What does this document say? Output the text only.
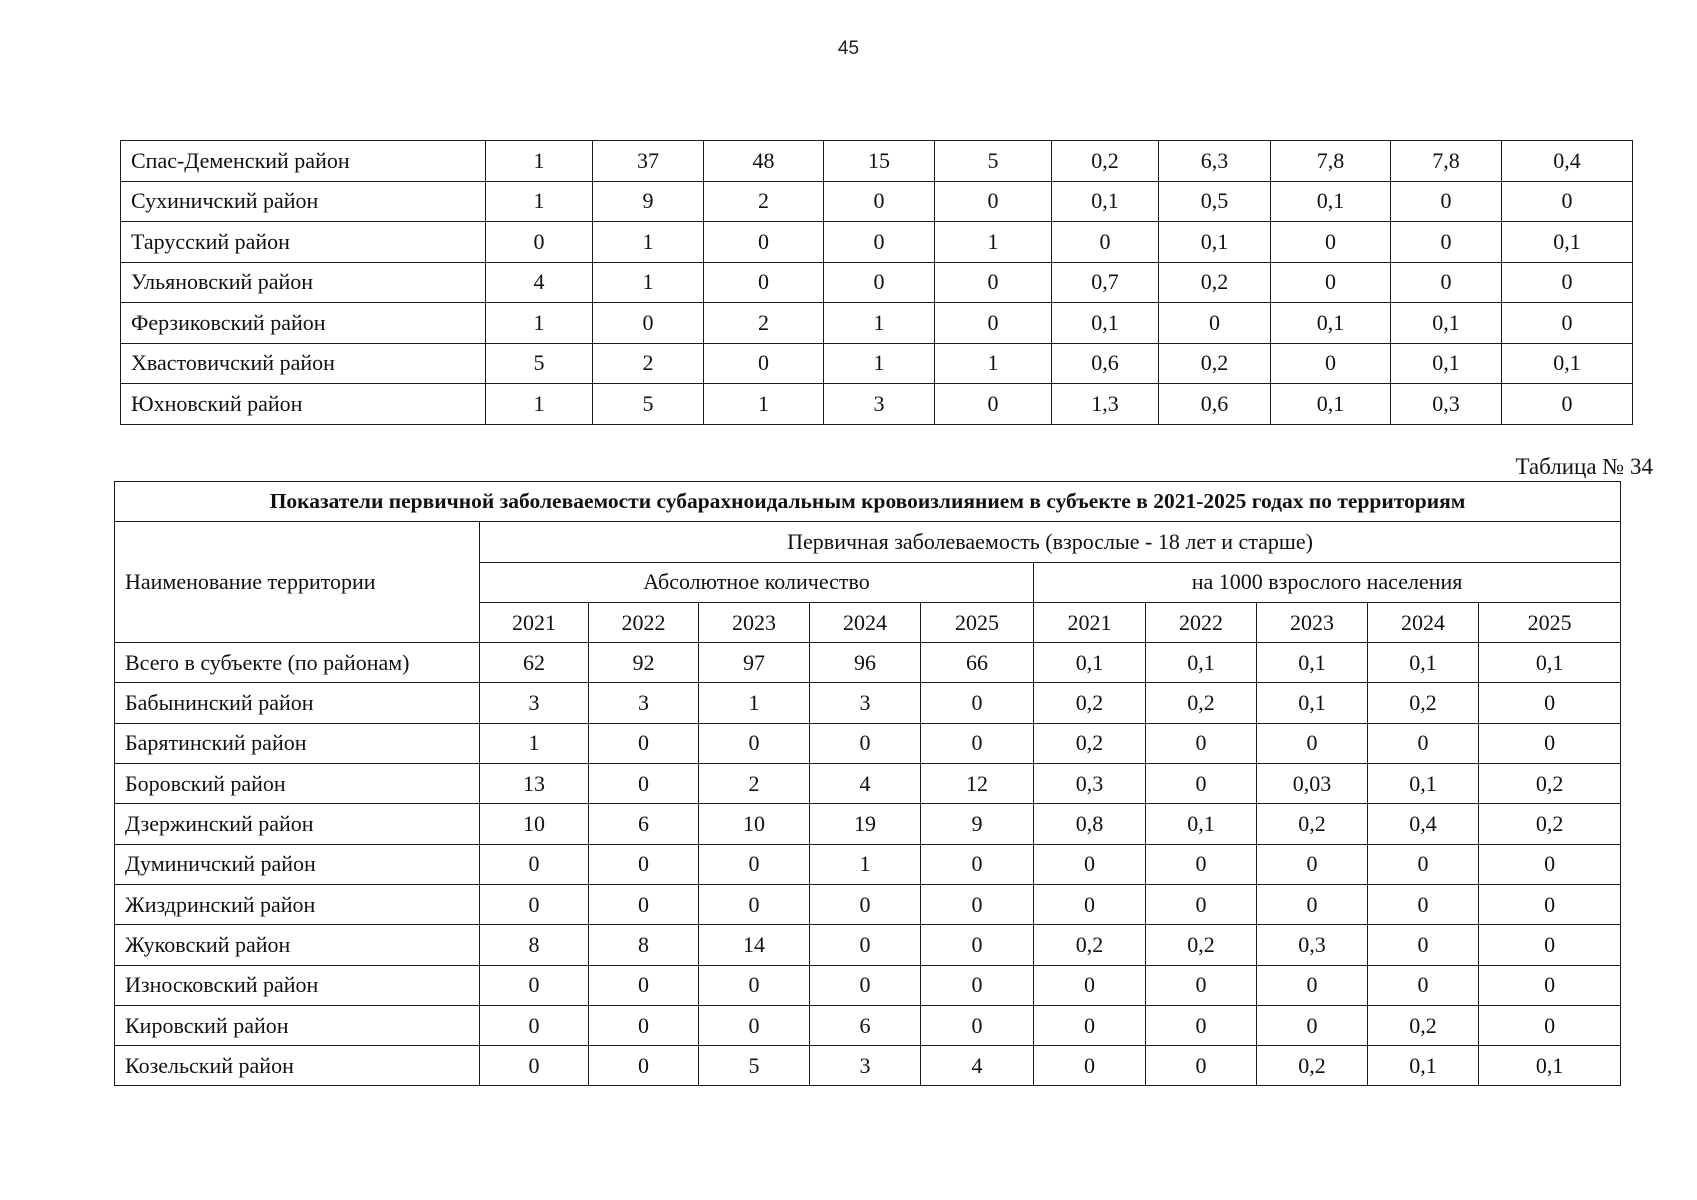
45
Спас-Деменский район	1	37	48	15	5	0,2	6,3	7,8	7,8	0,4
Сухиничский район	1	9	2	0	0	0,1	0,5	0,1	0	0
Тарусский район	0	1	0	0	1	0	0,1	0	0	0,1
Ульяновский район	4	1	0	0	0	0,7	0,2	0	0	0
Ферзиковский район	1	0	2	1	0	0,1	0	0,1	0,1	0
Хвастовичский район	5	2	0	1	1	0,6	0,2	0	0,1	0,1
Юхновский район	1	5	1	3	0	1,3	0,6	0,1	0,3	0
Таблица № 34
Показатели первичной заболеваемости субарахноидальным кровоизлиянием в субъекте в 2021-2025 годах по территориям										
Наименование территории	Первичная заболеваемость (взрослые - 18 лет и старше)									
	Абсолютное количество					на 1000 взрослого населения				
	2021	2022	2023	2024	2025	2021	2022	2023	2024	2025
Всего в субъекте (по районам)	62	92	97	96	66	0,1	0,1	0,1	0,1	0,1
Бабынинский район	3	3	1	3	0	0,2	0,2	0,1	0,2	0
Барятинский район	1	0	0	0	0	0,2	0	0	0	0
Боровский район	13	0	2	4	12	0,3	0	0,03	0,1	0,2
Дзержинский район	10	6	10	19	9	0,8	0,1	0,2	0,4	0,2
Думиничский район	0	0	0	1	0	0	0	0	0	0
Жиздринский район	0	0	0	0	0	0	0	0	0	0
Жуковский район	8	8	14	0	0	0,2	0,2	0,3	0	0
Износковский район	0	0	0	0	0	0	0	0	0	0
Кировский район	0	0	0	6	0	0	0	0	0,2	0
Козельский район	0	0	5	3	4	0	0	0,2	0,1	0,1
